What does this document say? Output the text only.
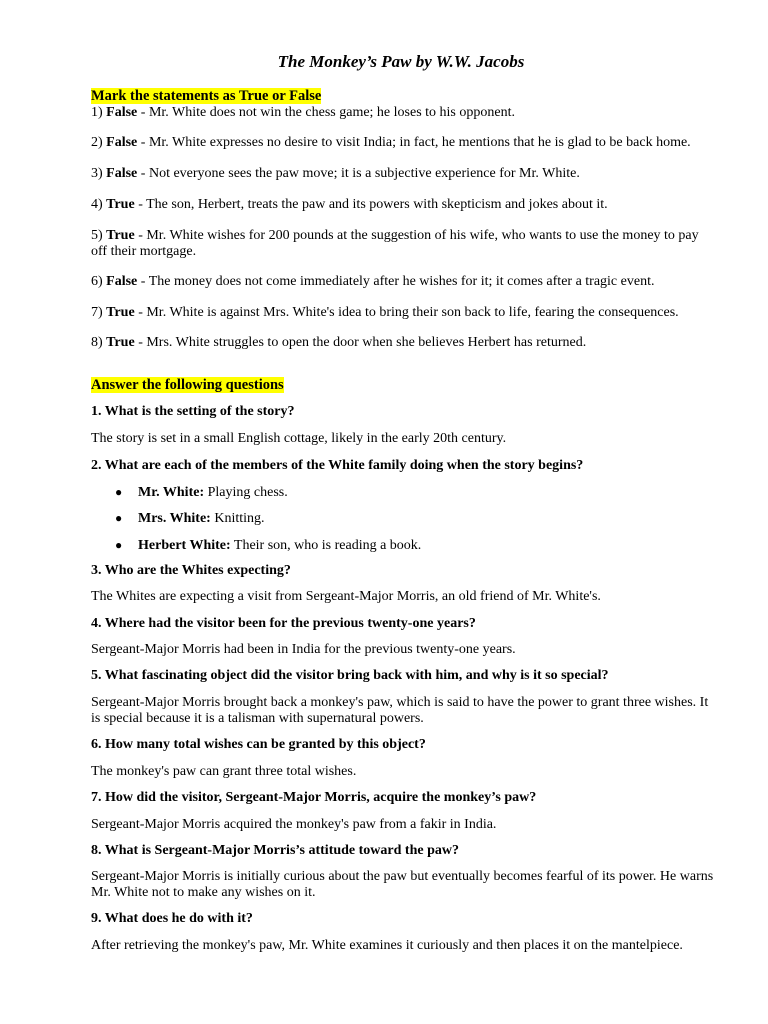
The Monkey’s Paw by W.W. Jacobs

Mark the statements as True or False

1) False - Mr. White does not win the chess game; he loses to his opponent.

2) False - Mr. White expresses no desire to visit India; in fact, he mentions that he is glad to be back home.

3) False - Not everyone sees the paw move; it is a subjective experience for Mr. White.

4) True - The son, Herbert, treats the paw and its powers with skepticism and jokes about it.

5) True - Mr. White wishes for 200 pounds at the suggestion of his wife, who wants to use the money to pay off their mortgage.

6) False - The money does not come immediately after he wishes for it; it comes after a tragic event.

7) True - Mr. White is against Mrs. White's idea to bring their son back to life, fearing the consequences.

8) True - Mrs. White struggles to open the door when she believes Herbert has returned.

Answer the following questions

1. What is the setting of the story?

The story is set in a small English cottage, likely in the early 20th century.

2. What are each of the members of the White family doing when the story begins?

● Mr. White: Playing chess.

● Mrs. White: Knitting.

● Herbert White: Their son, who is reading a book.

3. Who are the Whites expecting?

The Whites are expecting a visit from Sergeant-Major Morris, an old friend of Mr. White's.

4. Where had the visitor been for the previous twenty-one years?

Sergeant-Major Morris had been in India for the previous twenty-one years.

5. What fascinating object did the visitor bring back with him, and why is it so special?

Sergeant-Major Morris brought back a monkey's paw, which is said to have the power to grant three wishes. It is special because it is a talisman with supernatural powers.

6. How many total wishes can be granted by this object?

The monkey's paw can grant three total wishes.

7. How did the visitor, Sergeant-Major Morris, acquire the monkey’s paw?

Sergeant-Major Morris acquired the monkey's paw from a fakir in India.

8. What is Sergeant-Major Morris’s attitude toward the paw?

Sergeant-Major Morris is initially curious about the paw but eventually becomes fearful of its power. He warns Mr. White not to make any wishes on it.

9. What does he do with it?

After retrieving the monkey's paw, Mr. White examines it curiously and then places it on the mantelpiece.
